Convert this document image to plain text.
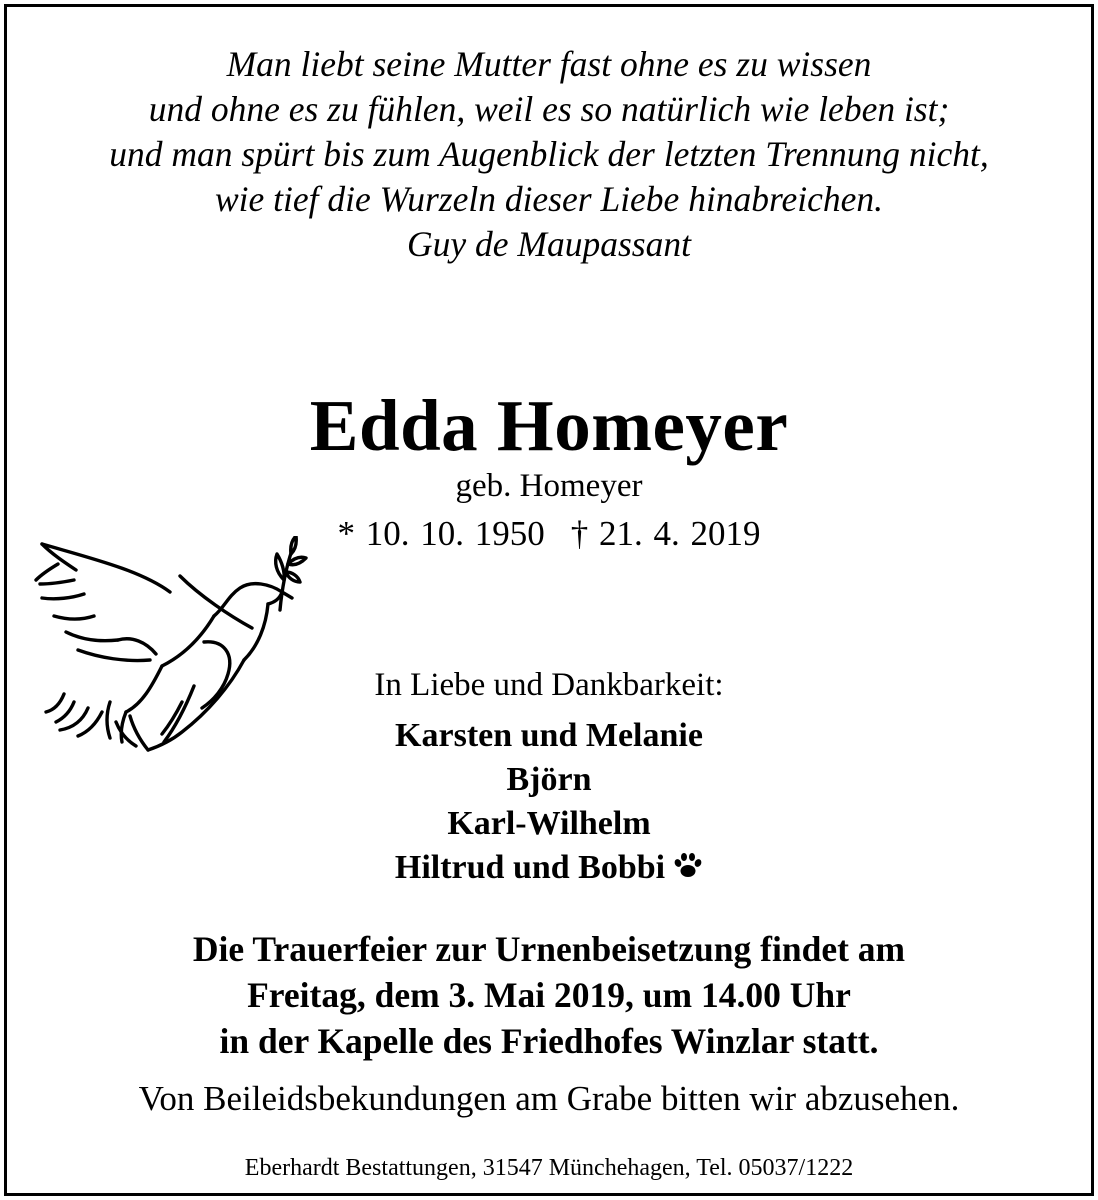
Man liebt seine Mutter fast ohne es zu wissen
und ohne es zu fühlen, weil es so natürlich wie leben ist;
und man spürt bis zum Augenblick der letzten Trennung nicht,
wie tief die Wurzeln dieser Liebe hinabreichen.
Guy de Maupassant
Edda Homeyer
geb. Homeyer
* 10. 10. 1950 † 21. 4. 2019
In Liebe und Dankbarkeit:
Karsten und Melanie
Björn
Karl-Wilhelm
Hiltrud und Bobbi
Die Trauerfeier zur Urnenbeisetzung findet am
Freitag, dem 3. Mai 2019, um 14.00 Uhr
in der Kapelle des Friedhofes Winzlar statt.
Von Beileidsbekundungen am Grabe bitten wir abzusehen.
Eberhardt Bestattungen, 31547 Münchehagen, Tel. 05037/1222
